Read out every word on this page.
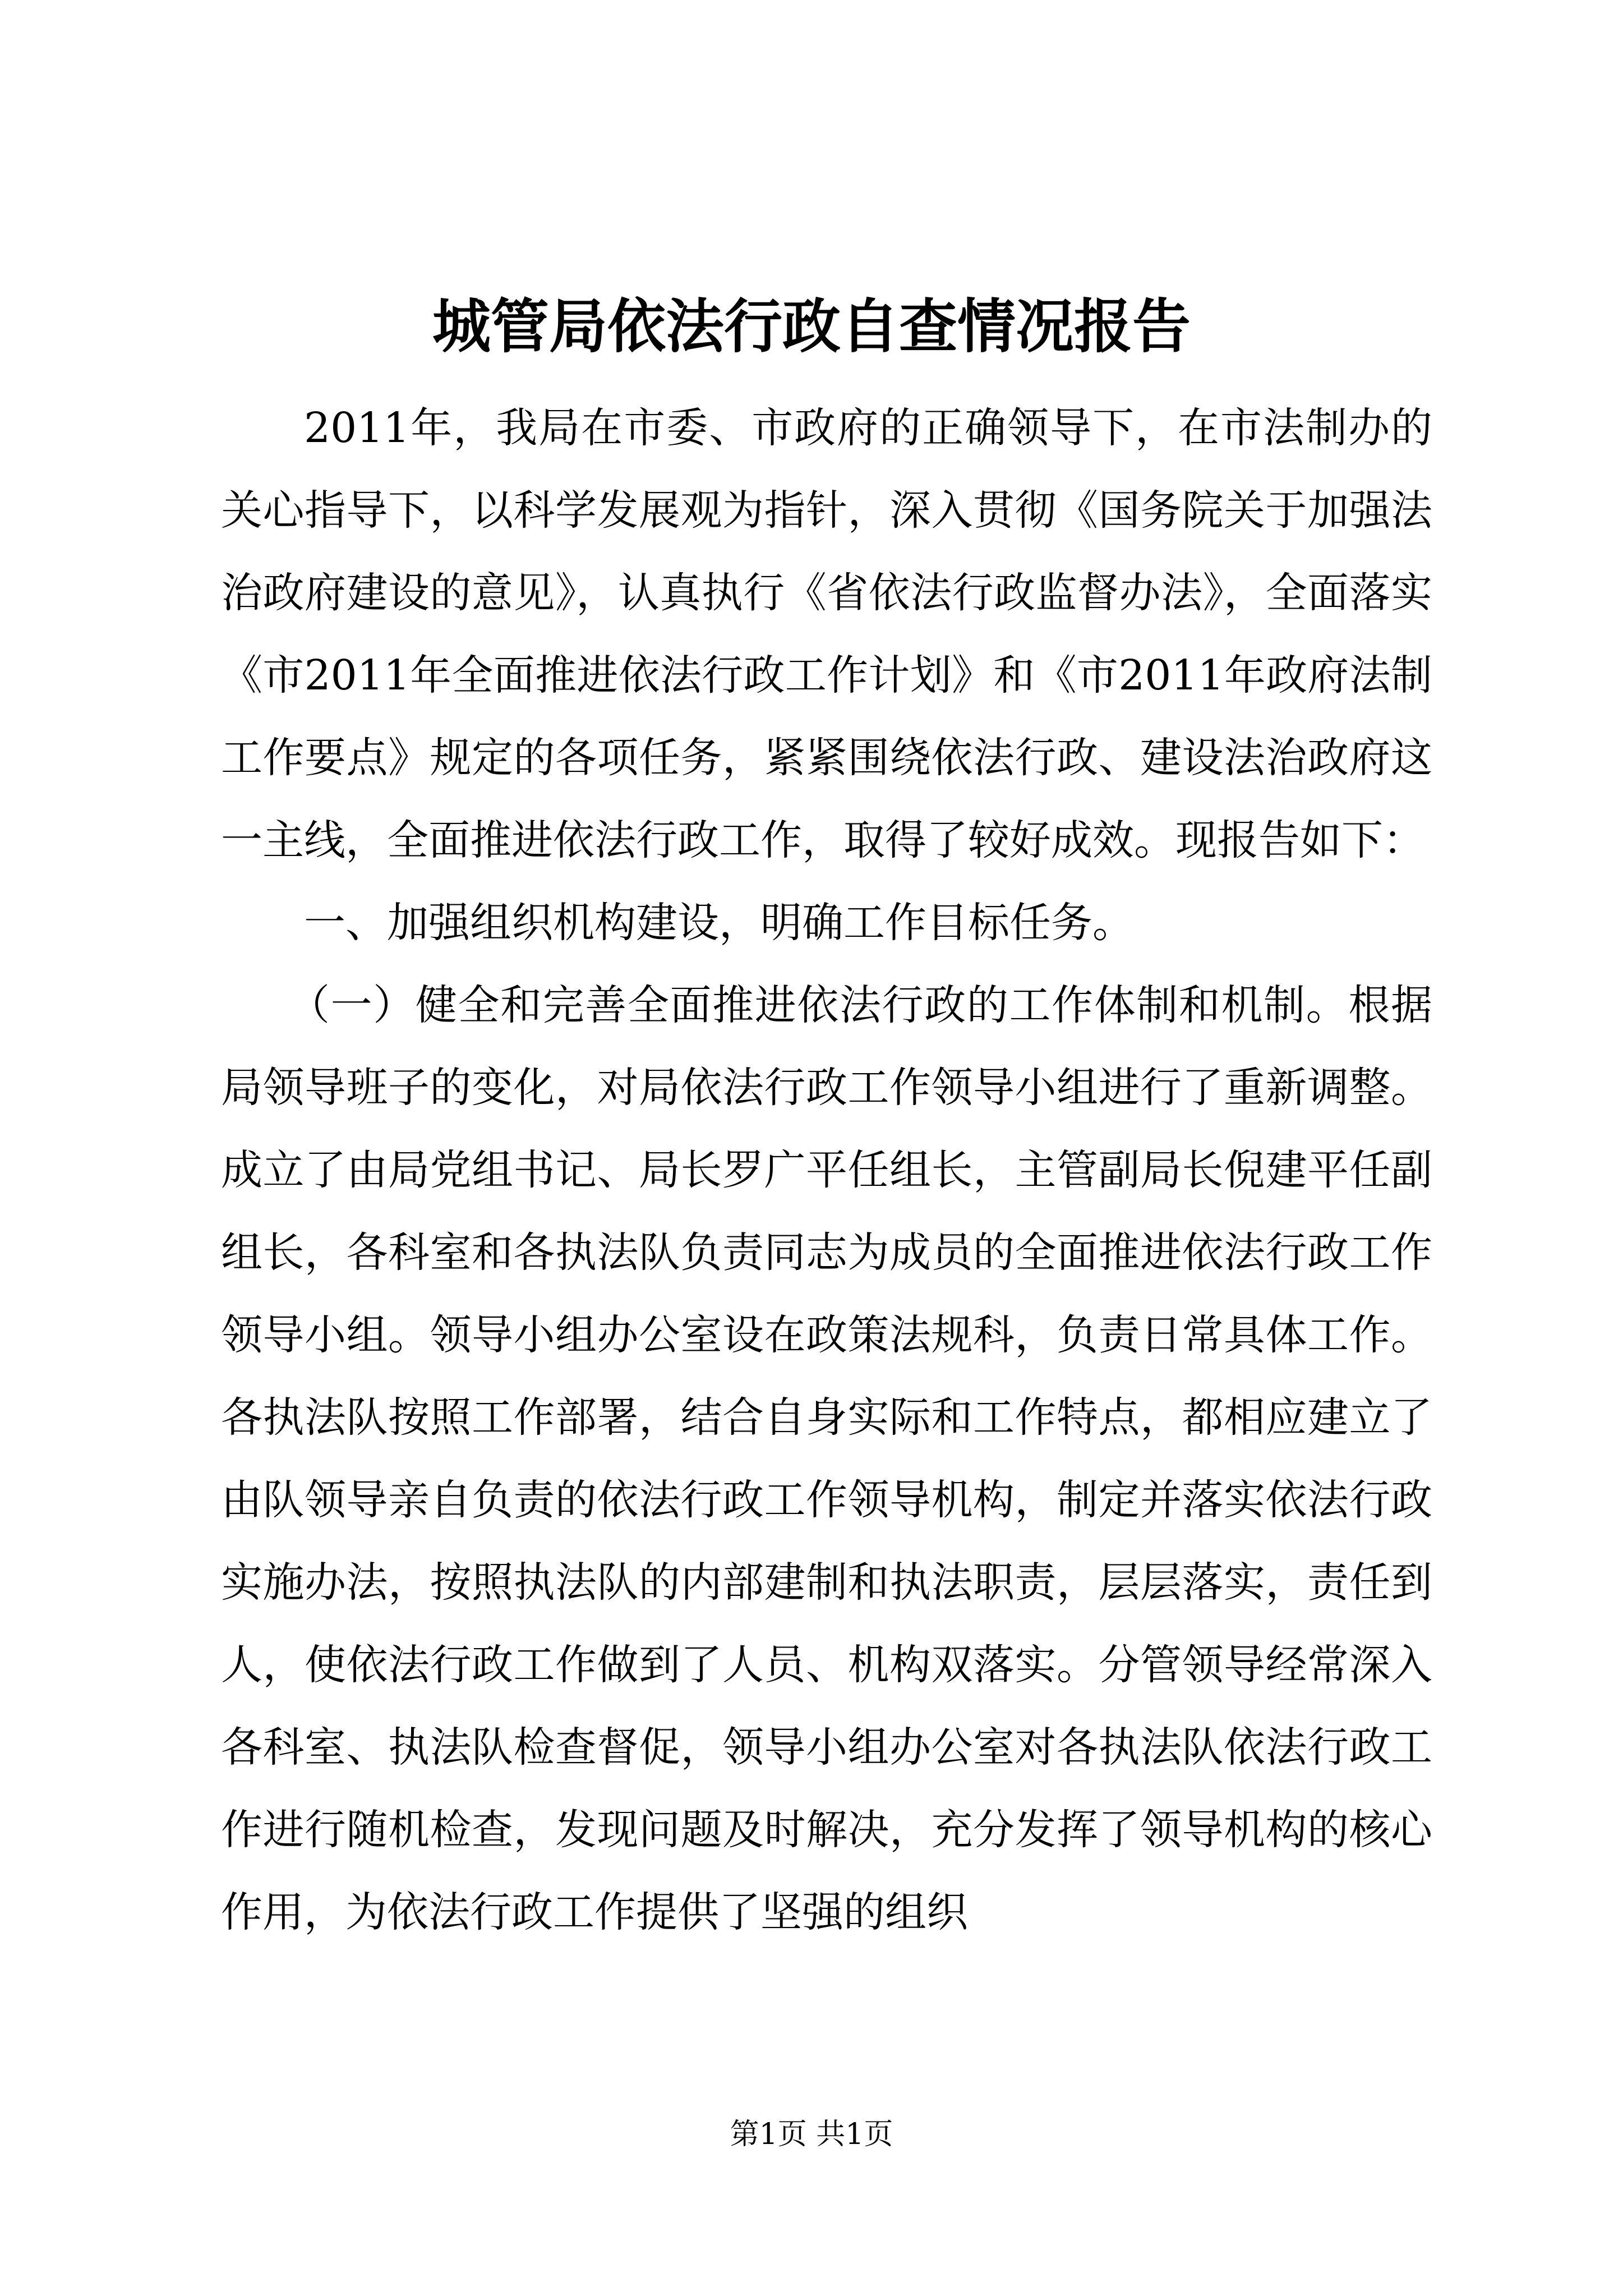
城管局依法行政自查情况报告

2011年，我局在市委、市政府的正确领导下，在市法制办的关心指导下，以科学发展观为指针，深入贯彻《国务院关于加强法治政府建设的意见》，认真执行《省依法行政监督办法》，全面落实《市2011年全面推进依法行政工作计划》和《市2011年政府法制工作要点》规定的各项任务，紧紧围绕依法行政、建设法治政府这一主线，全面推进依法行政工作，取得了较好成效。现报告如下：

一、加强组织机构建设，明确工作目标任务。

（一）健全和完善全面推进依法行政的工作体制和机制。根据局领导班子的变化，对局依法行政工作领导小组进行了重新调整。成立了由局党组书记、局长罗广平任组长，主管副局长倪建平任副组长，各科室和各执法队负责同志为成员的全面推进依法行政工作领导小组。领导小组办公室设在政策法规科，负责日常具体工作。各执法队按照工作部署，结合自身实际和工作特点，都相应建立了由队领导亲自负责的依法行政工作领导机构，制定并落实依法行政实施办法，按照执法队的内部建制和执法职责，层层落实，责任到人，使依法行政工作做到了人员、机构双落实。分管领导经常深入各科室、执法队检查督促，领导小组办公室对各执法队依法行政工作进行随机检查，发现问题及时解决，充分发挥了领导机构的核心作用，为依法行政工作提供了坚强的组织

第1页 共1页
